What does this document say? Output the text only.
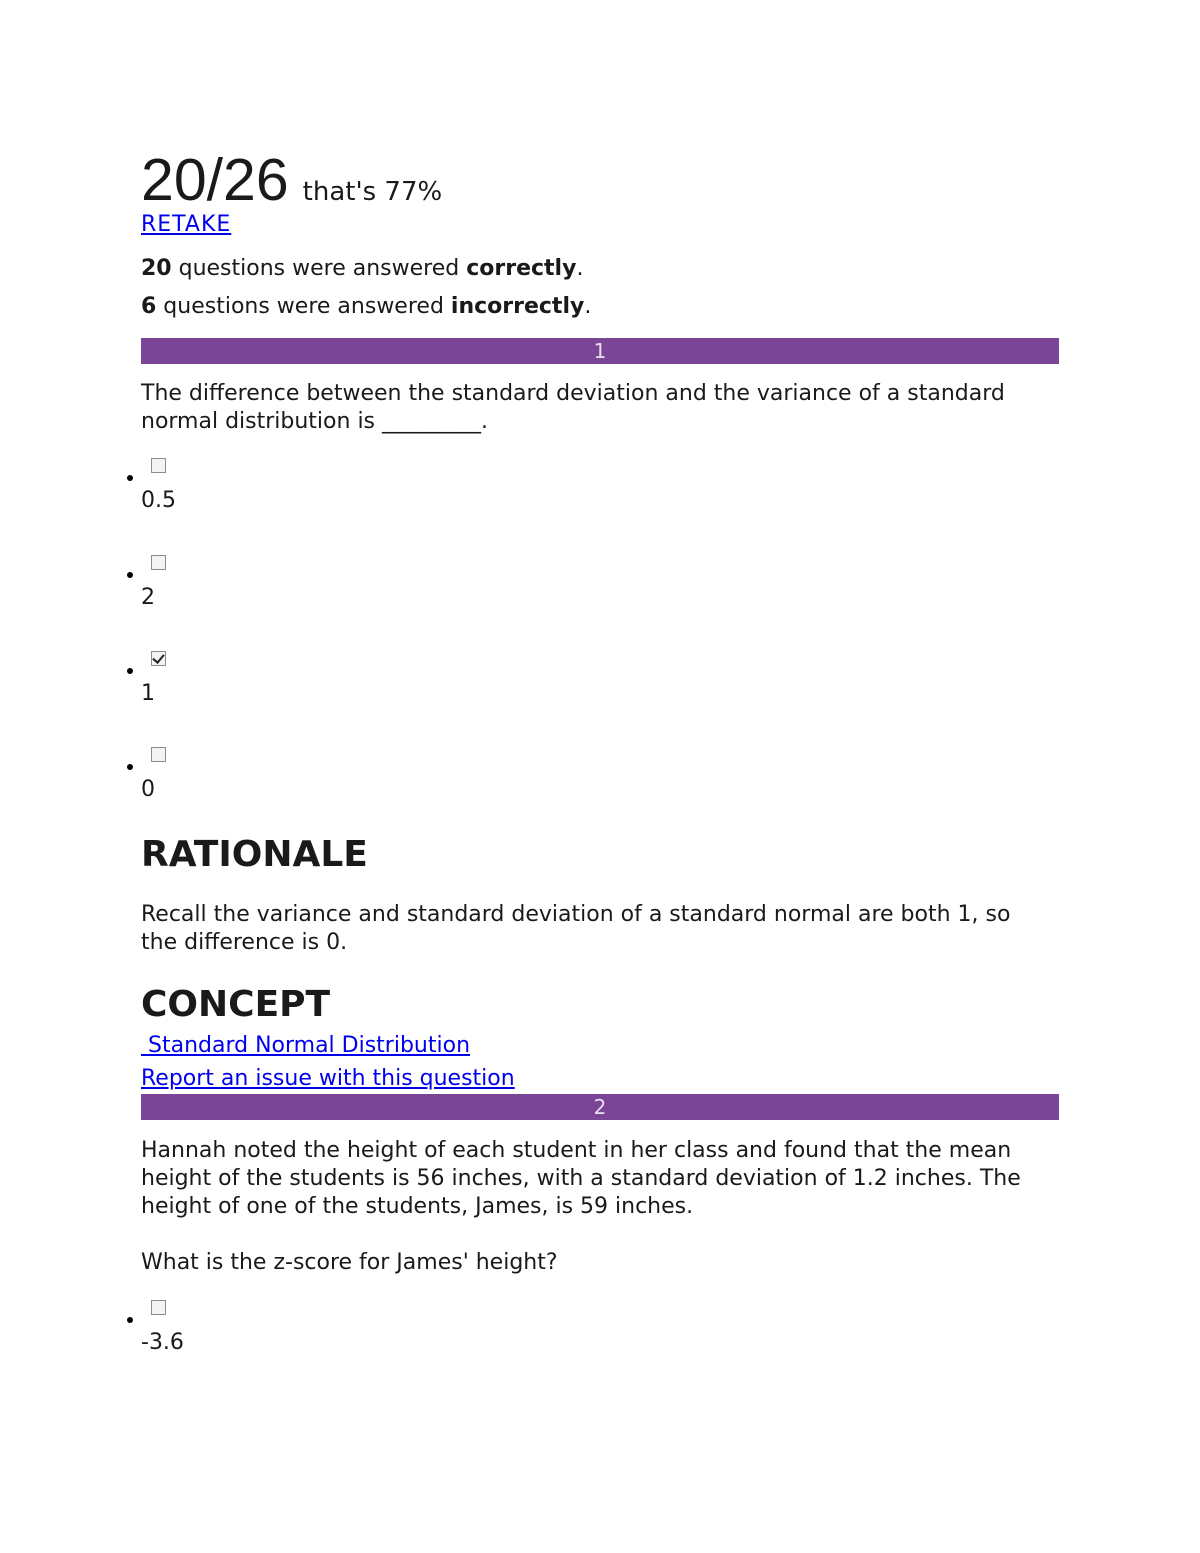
20/26 that's 77%
RETAKE
20 questions were answered correctly.
6 questions were answered incorrectly.
1
The difference between the standard deviation and the variance of a standard normal distribution is _________.
0.5
2
1
0
RATIONALE
Recall the variance and standard deviation of a standard normal are both 1, so the difference is 0.
CONCEPT
Standard Normal Distribution
Report an issue with this question
2
Hannah noted the height of each student in her class and found that the mean height of the students is 56 inches, with a standard deviation of 1.2 inches. The height of one of the students, James, is 59 inches.
What is the z-score for James' height?
-3.6
